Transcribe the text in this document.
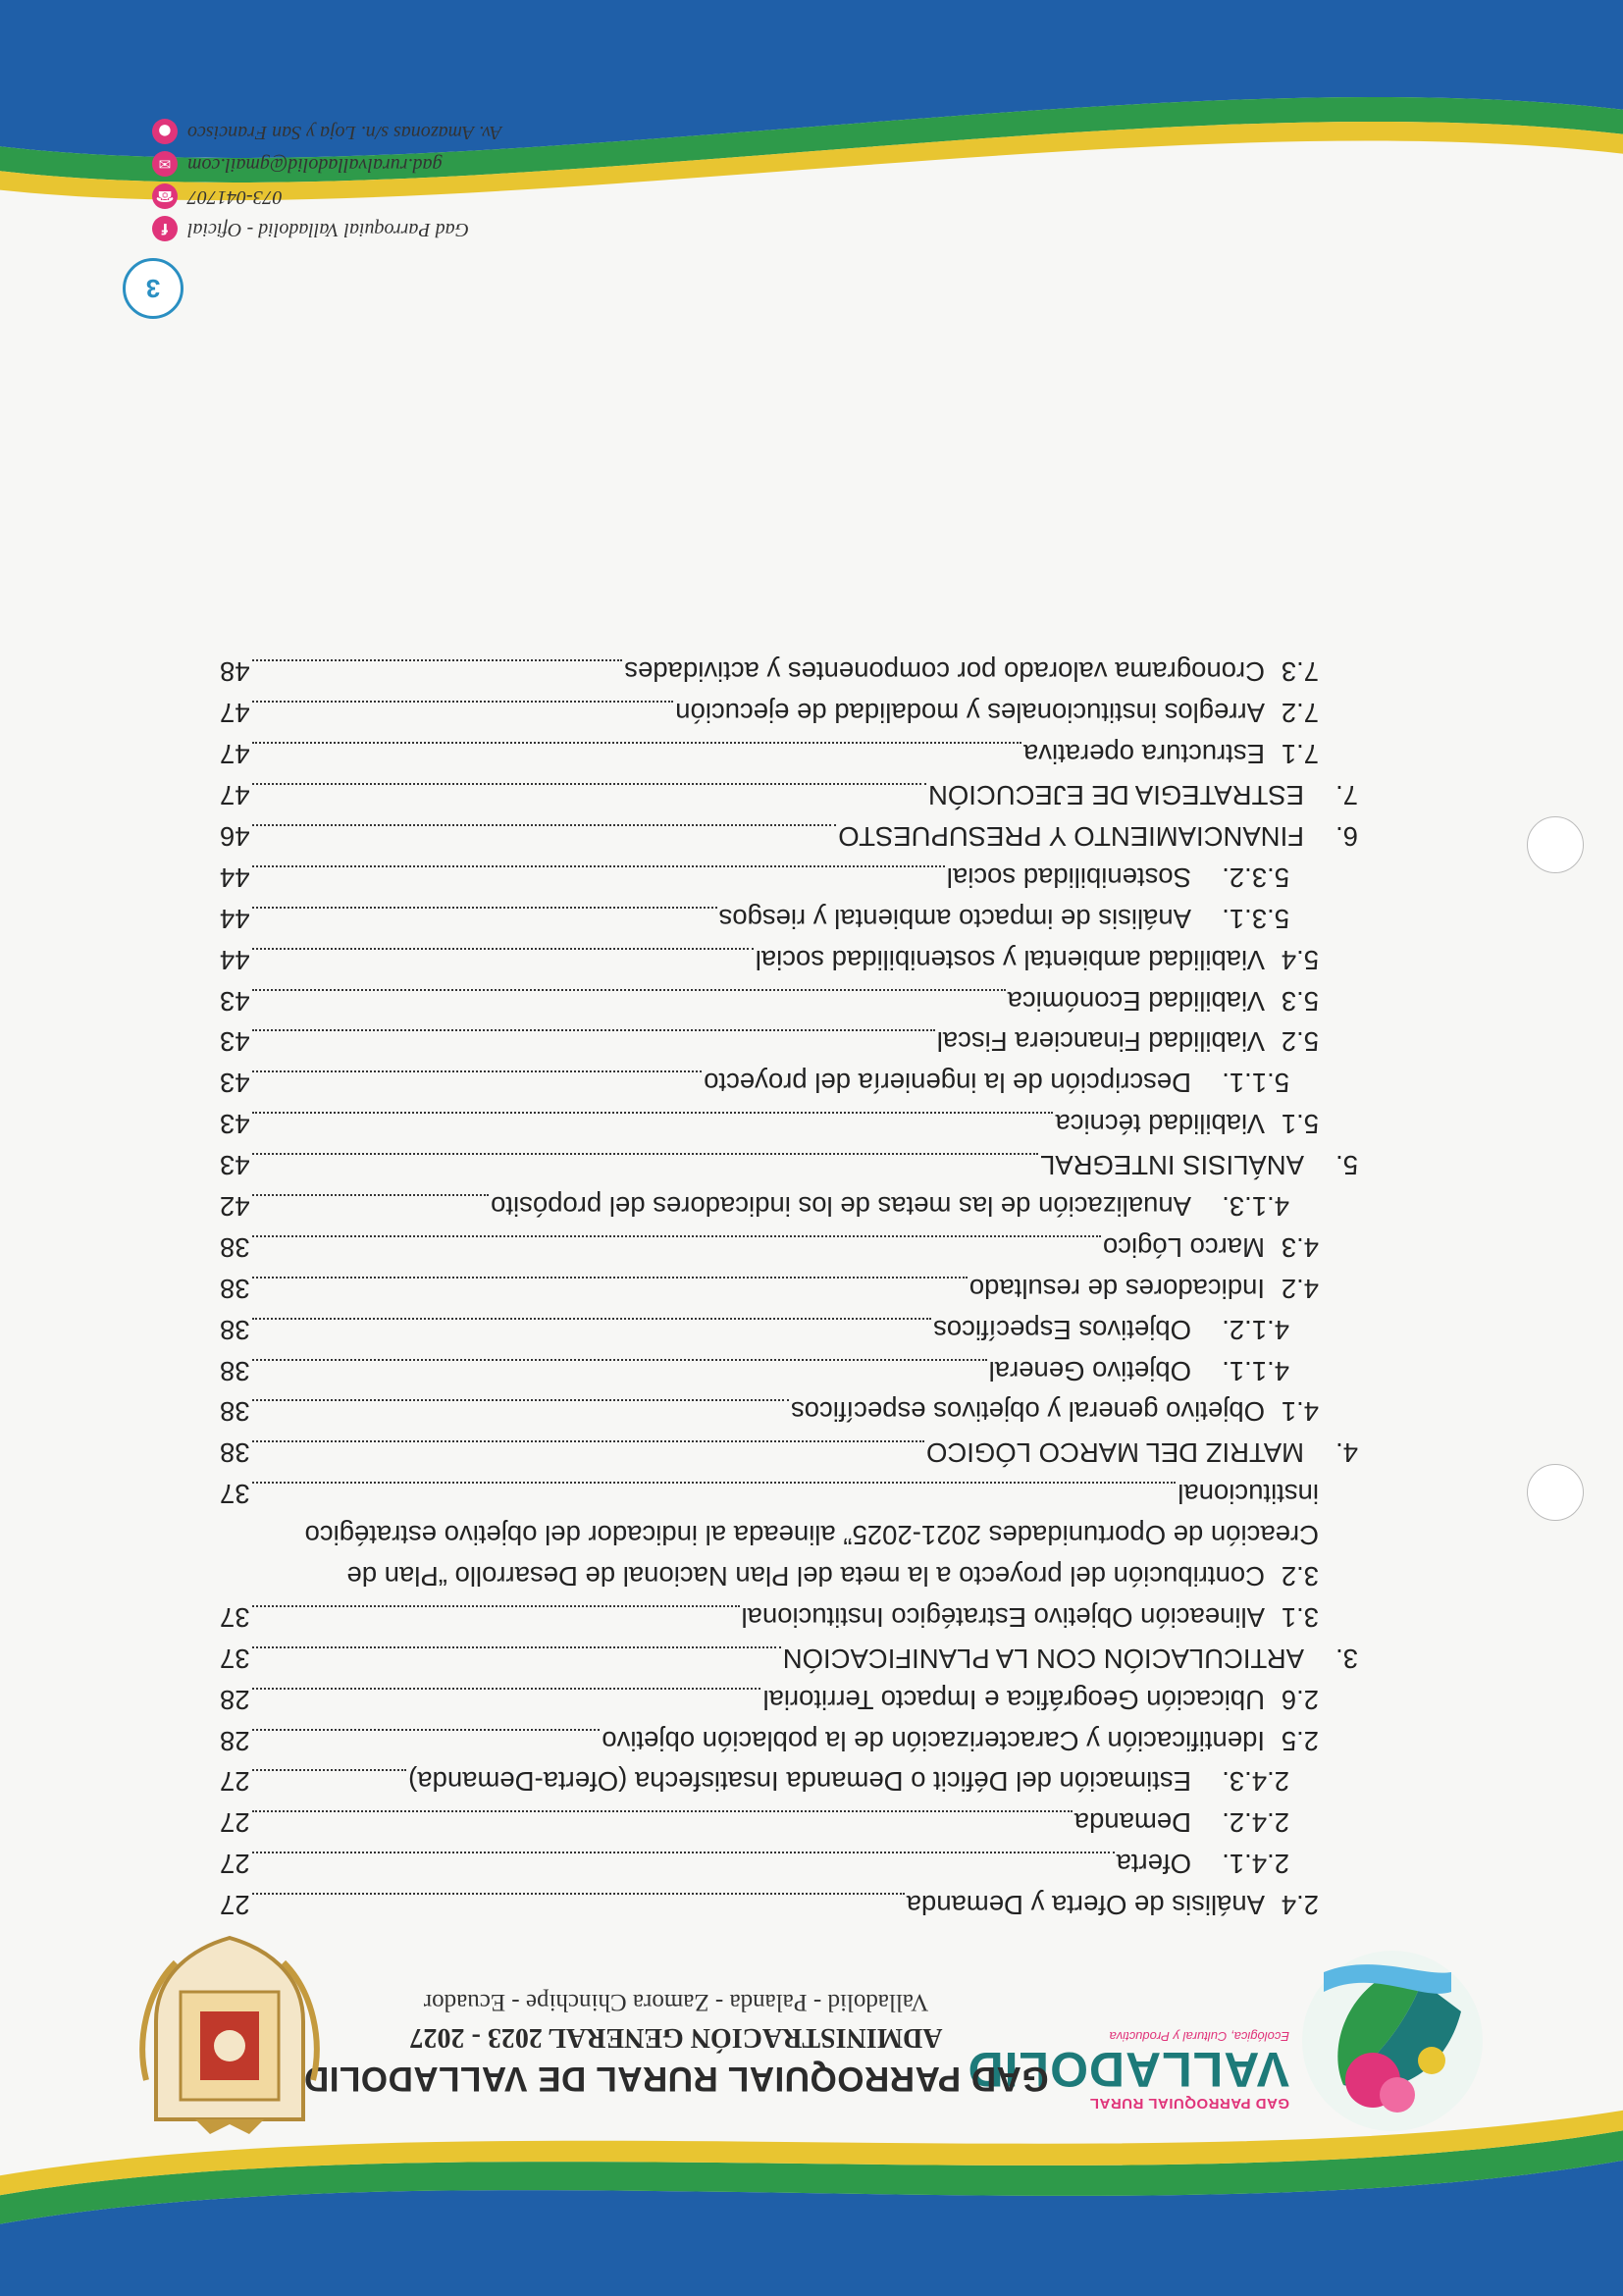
GAD PARROQUIAL RURAL
VALLADOLID
Ecológica, Cultural y Productiva
GAD PARROQUIAL RURAL DE VALLADOLID
ADMINISTRACIÓN GENERAL 2023 - 2027
Valladolid - Palanda - Zamora Chinchipe - Ecuador
2.4
Análisis de Oferta y Demanda
27
2.4.1.
Oferta
27
2.4.2.
Demanda
27
2.4.3.
Estimación del Déficit o Demanda Insatisfecha (Oferta-Demanda)
27
2.5
Identificación y Caracterización de la población objetivo
28
2.6
Ubicación Geográfica e Impacto Territorial
28
3.
ARTICULACIÓN CON LA PLANIFICACIÓN
37
3.1
Alineación Objetivo Estratégico Institucional
37
3.2
Contribución del proyecto a la meta del Plan Nacional de Desarrollo “Plan de
Creación de Oportunidades 2021-2025” alineada al indicador del objetivo estratégico
institucional
37
4.
MATRIZ DEL MARCO LÓGICO
38
4.1
Objetivo general y objetivos específicos
38
4.1.1.
Objetivo General
38
4.1.2.
Objetivos Específicos
38
4.2
Indicadores de resultado
38
4.3
Marco Lógico
38
4.1.3.
Anualización de las metas de los indicadores del propósito
42
5.
ANÁLISIS INTEGRAL
43
5.1
Viabilidad técnica
43
5.1.1.
Descripción de la ingeniería del proyecto
43
5.2
Viabilidad Financiera Fiscal
43
5.3
Viabilidad Económica
43
5.4
Viabilidad ambiental y sostenibilidad social
44
5.3.1.
Análisis de impacto ambiental y riesgos
44
5.3.2.
Sostenibilidad social
44
6.
FINANCIAMIENTO Y PRESUPUESTO
46
7.
ESTRATEGIA DE EJECUCIÓN
47
7.1
Estructura operativa
47
7.2
Arreglos institucionales y modalidad de ejecución
47
7.3
Cronograma valorado por componentes y actividades
48
3
Gad Parroquial Valladolid - Oficial
f
073-041707
☎
gad.ruralvalladolid@gmail.com
✉
Av. Amazonas s/n. Loja y San Francisco
●
